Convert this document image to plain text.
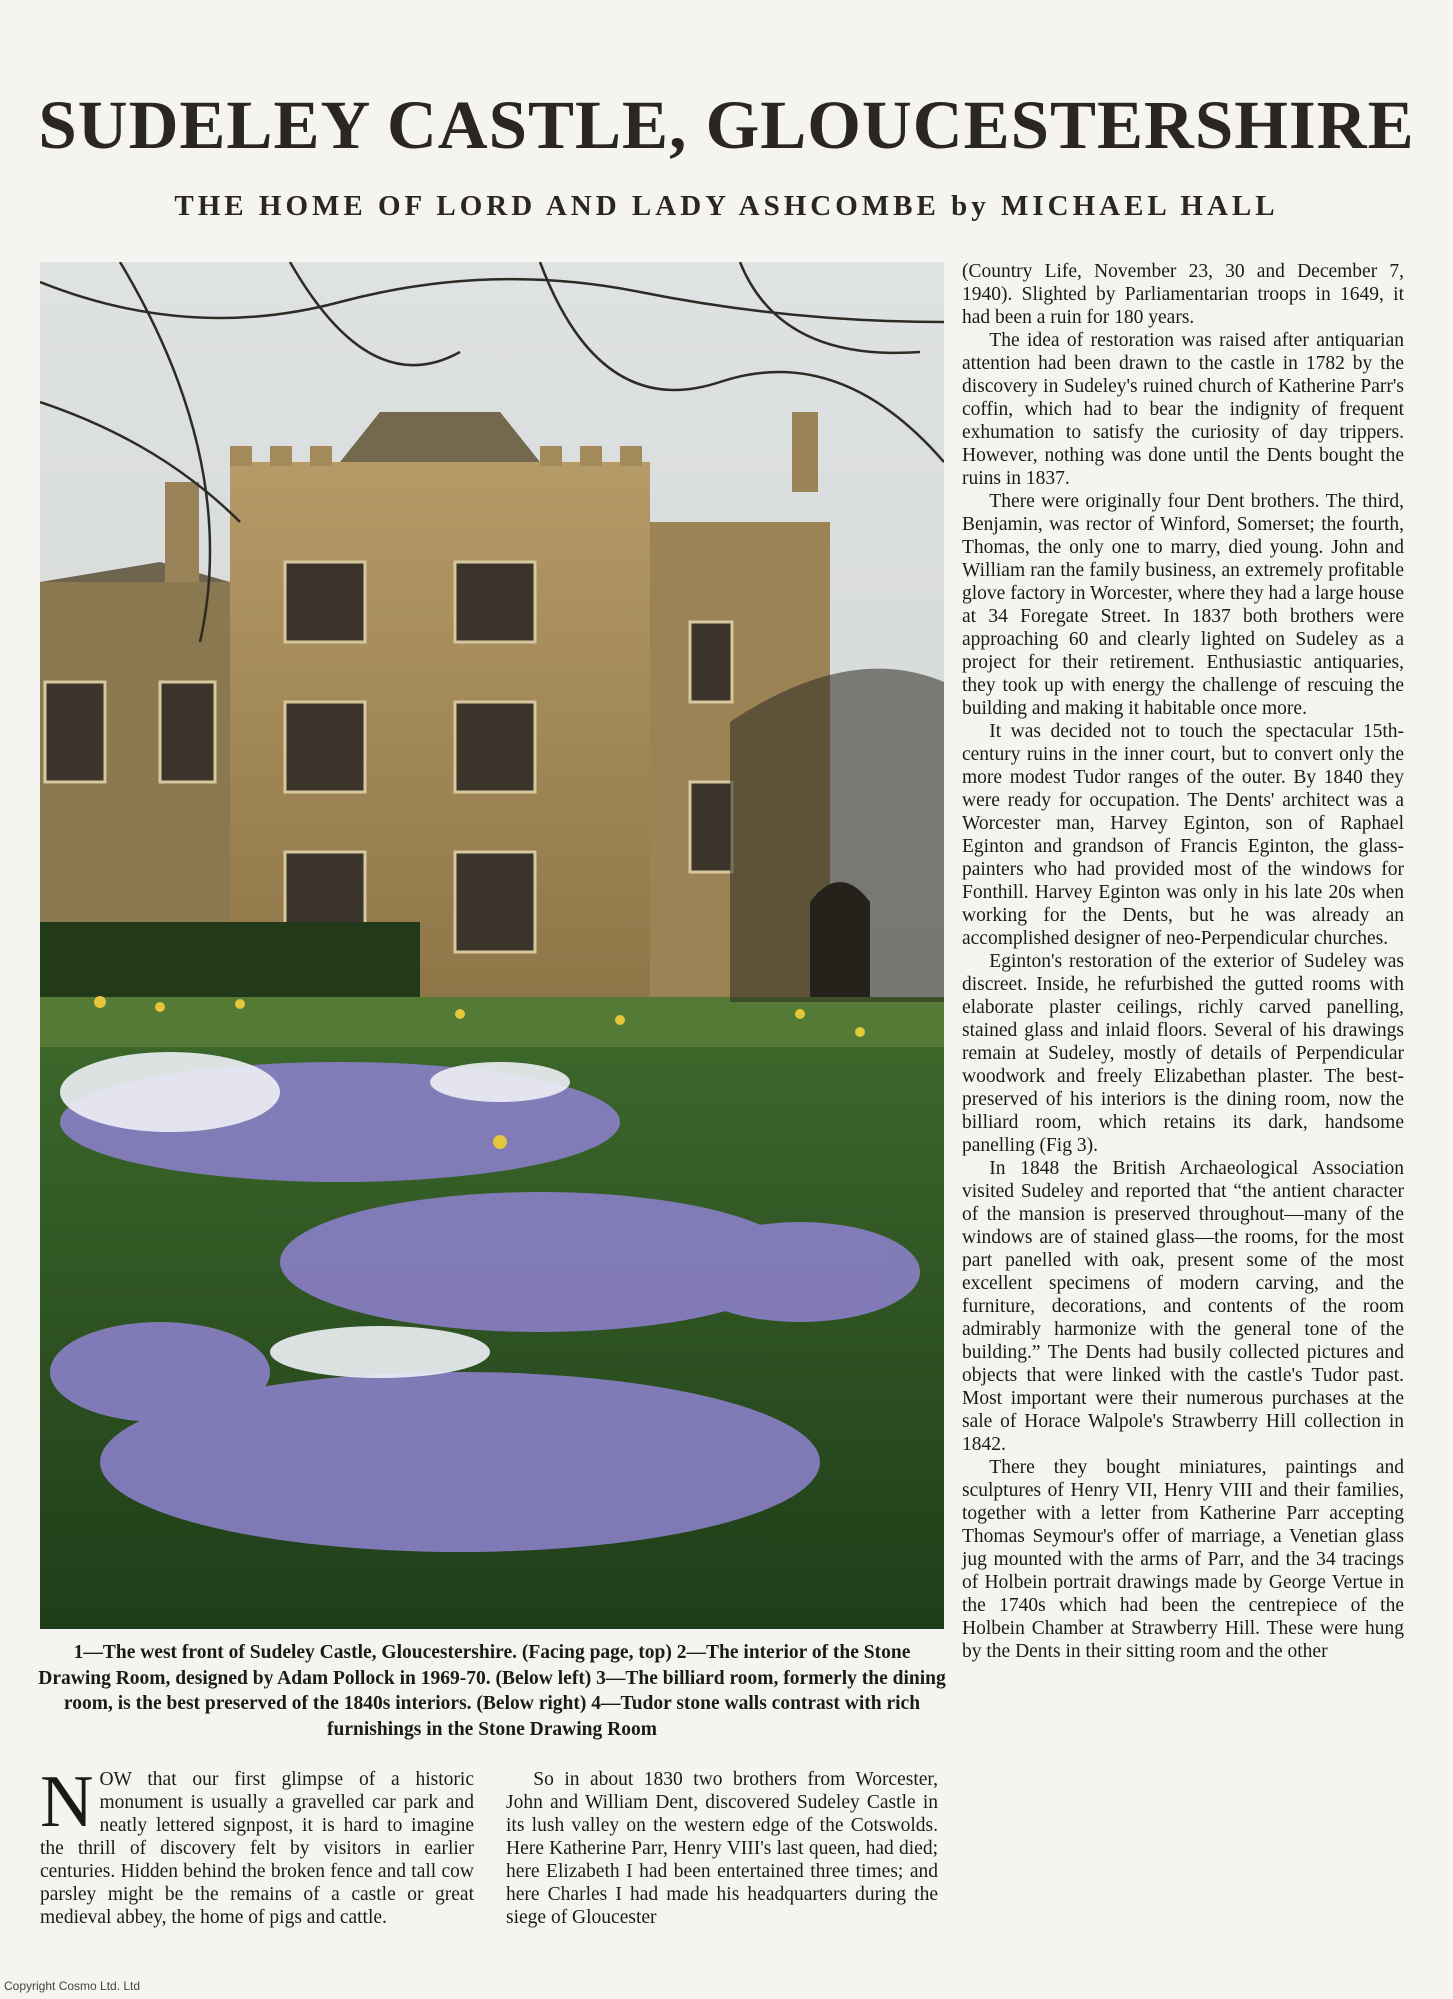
SUDELEY CASTLE, GLOUCESTERSHIRE
THE HOME OF LORD AND LADY ASHCOMBE by MICHAEL HALL
1—The west front of Sudeley Castle, Gloucestershire. (Facing page, top) 2—The interior of the Stone Drawing Room, designed by Adam Pollock in 1969-70. (Below left) 3—The billiard room, formerly the dining room, is the best preserved of the 1840s interiors. (Below right) 4—Tudor stone walls contrast with rich furnishings in the Stone Drawing Room

NOW that our first glimpse of a historic monument is usually a gravelled car park and neatly lettered signpost, it is hard to imagine the thrill of discovery felt by visitors in earlier centuries. Hidden behind the broken fence and tall cow parsley might be the remains of a castle or great medieval abbey, the home of pigs and cattle.

So in about 1830 two brothers from Worcester, John and William Dent, discovered Sudeley Castle in its lush valley on the western edge of the Cotswolds. Here Katherine Parr, Henry VIII's last queen, had died; here Elizabeth I had been entertained three times; and here Charles I had made his headquarters during the siege of Gloucester

(Country Life, November 23, 30 and December 7, 1940). Slighted by Parliamentarian troops in 1649, it had been a ruin for 180 years.

The idea of restoration was raised after antiquarian attention had been drawn to the castle in 1782 by the discovery in Sudeley's ruined church of Katherine Parr's coffin, which had to bear the indignity of frequent exhumation to satisfy the curiosity of day trippers. However, nothing was done until the Dents bought the ruins in 1837.

There were originally four Dent brothers. The third, Benjamin, was rector of Winford, Somerset; the fourth, Thomas, the only one to marry, died young. John and William ran the family business, an extremely profitable glove factory in Worcester, where they had a large house at 34 Foregate Street. In 1837 both brothers were approaching 60 and clearly lighted on Sudeley as a project for their retirement. Enthusiastic antiquaries, they took up with energy the challenge of rescuing the building and making it habitable once more.

It was decided not to touch the spectacular 15th-century ruins in the inner court, but to convert only the more modest Tudor ranges of the outer. By 1840 they were ready for occupation. The Dents' architect was a Worcester man, Harvey Eginton, son of Raphael Eginton and grandson of Francis Eginton, the glass-painters who had provided most of the windows for Fonthill. Harvey Eginton was only in his late 20s when working for the Dents, but he was already an accomplished designer of neo-Perpendicular churches.

Eginton's restoration of the exterior of Sudeley was discreet. Inside, he refurbished the gutted rooms with elaborate plaster ceilings, richly carved panelling, stained glass and inlaid floors. Several of his drawings remain at Sudeley, mostly of details of Perpendicular woodwork and freely Elizabethan plaster. The best-preserved of his interiors is the dining room, now the billiard room, which retains its dark, handsome panelling (Fig 3).

In 1848 the British Archaeological Association visited Sudeley and reported that “the antient character of the mansion is preserved throughout—many of the windows are of stained glass—the rooms, for the most part panelled with oak, present some of the most excellent specimens of modern carving, and the furniture, decorations, and contents of the room admirably harmonize with the general tone of the building.” The Dents had busily collected pictures and objects that were linked with the castle's Tudor past. Most important were their numerous purchases at the sale of Horace Walpole's Strawberry Hill collection in 1842.

There they bought miniatures, paintings and sculptures of Henry VII, Henry VIII and their families, together with a letter from Katherine Parr accepting Thomas Seymour's offer of marriage, a Venetian glass jug mounted with the arms of Parr, and the 34 tracings of Holbein portrait drawings made by George Vertue in the 1740s which had been the centrepiece of the Holbein Chamber at Strawberry Hill. These were hung by the Dents in their sitting room and the other

Copyright Cosmo Ltd. Ltd
